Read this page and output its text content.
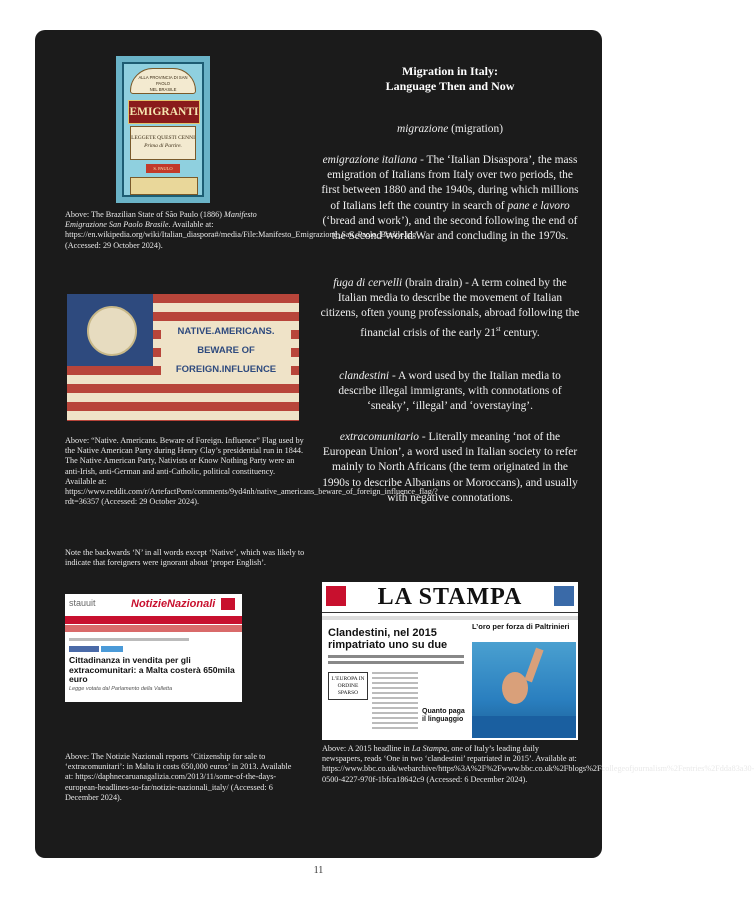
Migration in Italy:
Language Then and Now
migrazione (migration)
emigrazione italiana - The ‘Italian Disaspora’, the mass emigration of Italians from Italy over two periods, the first between 1880 and the 1940s, during which millions of Italians left the country in search of pane e lavoro (‘bread and work’), and the second following the end of the Second World War and concluding in the 1970s.
fuga di cervelli (brain drain) - A term coined by the Italian media to describe the movement of Italian citizens, often young professionals, abroad following the financial crisis of the early 21st century.
clandestini - A word used by the Italian media to describe illegal immigrants, with connotations of ‘sneaky’, ‘illegal’ and ‘overstaying’.
extracomunitario - Literally meaning ‘not of the European Union’, a word used in Italian society to refer mainly to North Africans (the term originated in the 1990s to describe Albanians or Moroccans), and usually with negative connotations.
ALLA PROVINCIA DI SAN PAOLO
NEL BRASILE
EMIGRANTI
LEGGETE QUESTI CENNI
Prima di Partire.
S. PAULO
Above: The Brazilian State of São Paulo (1886) Manifesto Emigrazione San Paolo Brasile. Available at: https://en.wikipedia.org/wiki/Italian_diaspora#/media/File:Manifesto_Emigrazione_San_Paolo_Brasile.jpg (Accessed: 29 October 2024).
NATIVE.AMERICANS.
BEWARE OF
FOREIGN.INFLUENCE
Above: “Native. Americans. Beware of Foreign. Influence” Flag used by the Native American Party during Henry Clay’s presidential run in 1844. The Native American Party, Nativists or Know Nothing Party were an anti-Irish, anti-German and anti-Catholic, political constituency. Available at: https://www.reddit.com/r/ArtefactPorn/comments/9yd4nh/native_americans_beware_of_foreign_influence_flag/?rdt=36357 (Accessed: 29 October 2024).
Note the backwards ‘N’ in all words except ‘Native’, which was likely to indicate that foreigners were ignorant about ‘proper English’.
stauuit	NotizieNazionali
Cittadinanza in vendita per gli extracomunitari: a Malta costerà 650mila euro
Legge votata dal Parlamento della Valletta
Above: The Notizie Nazionali reports ‘Citizenship for sale to ‘extracomunitari’: in Malta it costs 650,000 euros’ in 2013. Available at: https://daphnecaruanagalizia.com/2013/11/some-of-the-days-european-headlines-so-far/notizie-nazionali_italy/ (Accessed: 6 December 2024).
LA STAMPA
Clandestini, nel 2015
rimpatriato uno su due
L’EUROPA IN ORDINE SPARSO
Quanto paga il linguaggio
L’oro per forza di Paltrinieri
Above: A 2015 headline in La Stampa, one of Italy’s leading daily newspapers, reads ‘One in two ‘clandestini’ repatriated in 2015’. Available at: https://www.bbc.co.uk/webarchive/https%3A%2F%2Fwww.bbc.co.uk%2Fblogs%2Fcollegeofjournalism%2Fentries%2Fdda83a30-0500-4227-970f-1bfca18642c9 (Accessed: 6 December 2024).
11
